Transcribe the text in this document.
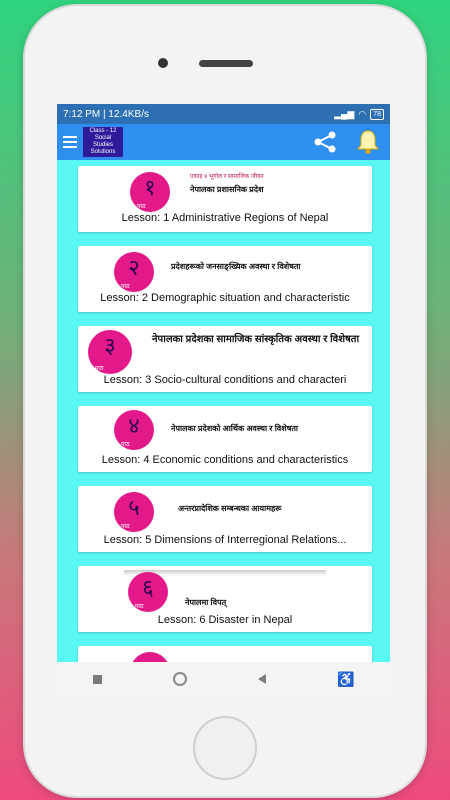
7:12 PM | 12.4KB/s	▂▄▆ ◠	78
Class - 12
Social
Studies
Solutions
१
पाठ
एकाइ ४ भूगोल र सामाजिक जीवन
नेपालका प्रशासनिक प्रदेश
Lesson: 1 Administrative Regions of Nepal
२
पाठ
प्रदेशहरूको जनसाङ्ख्यिक अवस्था र विशेषता
Lesson: 2 Demographic situation and characteristic
३
पाठ
नेपालका प्रदेशका सामाजिक सांस्कृतिक अवस्था र विशेषता
Lesson: 3 Socio-cultural conditions and characteri
४
पाठ
नेपालका प्रदेशको आर्थिक अवस्था र विशेषता
Lesson: 4 Economic conditions and characteristics
५
पाठ
अन्तरप्रादेशिक सम्बन्धका आयामहरू
Lesson: 5 Dimensions of Interregional Relations...
६
पाठ	नेपालमा विपत्
Lesson: 6 Disaster in Nepal
♿
